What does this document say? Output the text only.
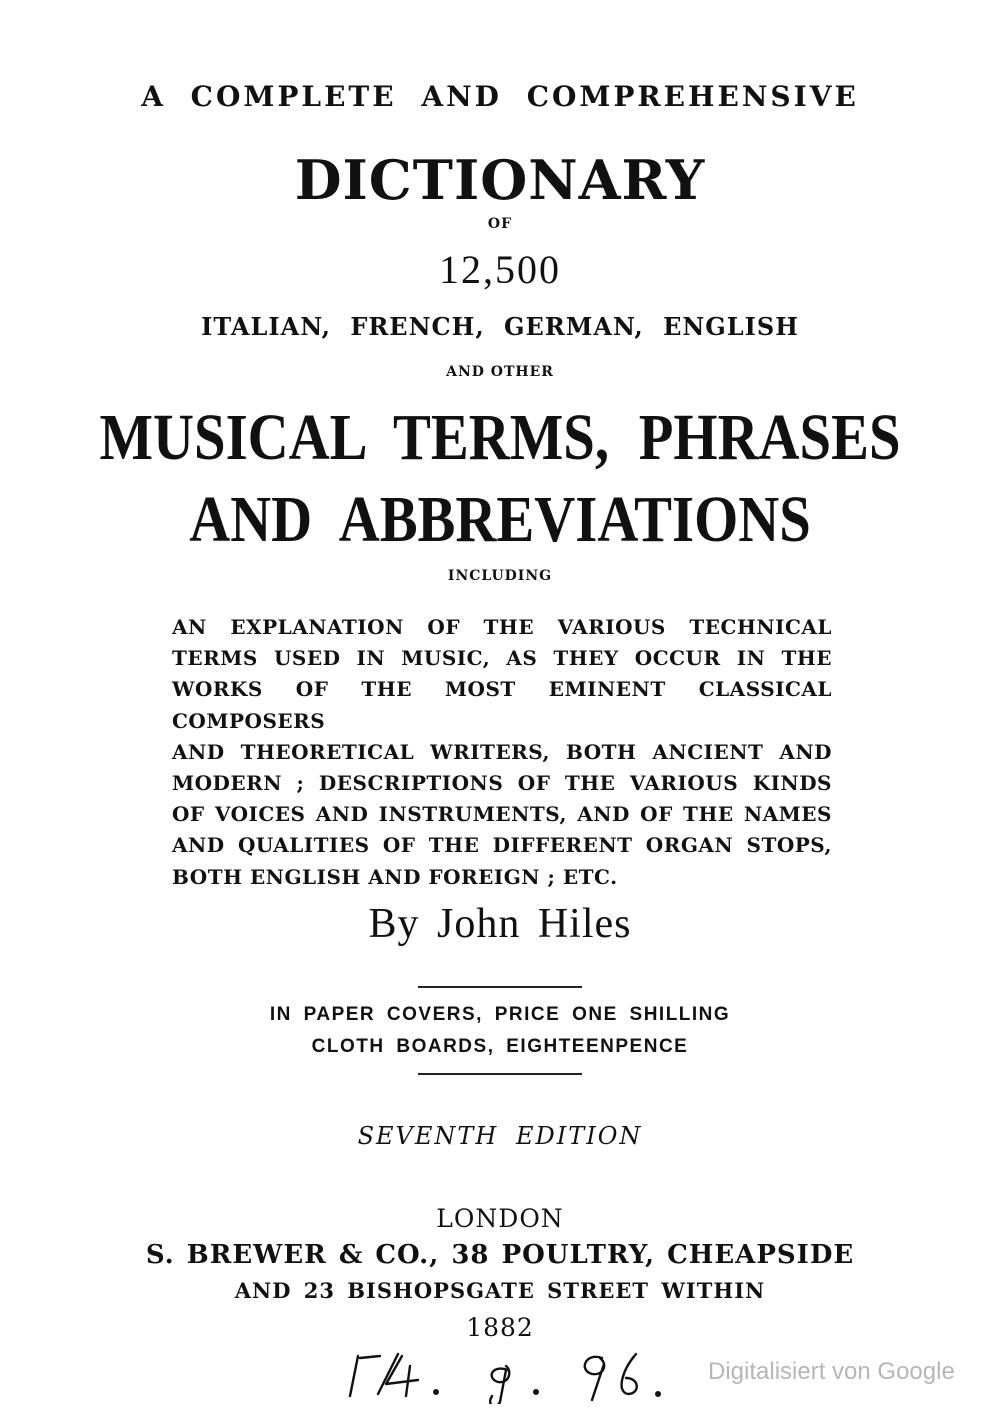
A COMPLETE AND COMPREHENSIVE
DICTIONARY
OF
12,500
ITALIAN, FRENCH, GERMAN, ENGLISH
AND OTHER
MUSICAL TERMS, PHRASES
AND ABBREVIATIONS
INCLUDING
AN EXPLANATION OF THE VARIOUS TECHNICAL
TERMS USED IN MUSIC, AS THEY OCCUR IN THE
WORKS OF THE MOST EMINENT CLASSICAL COMPOSERS
AND THEORETICAL WRITERS, BOTH ANCIENT AND
MODERN ; DESCRIPTIONS OF THE VARIOUS KINDS
OF VOICES AND INSTRUMENTS, AND OF THE NAMES
AND QUALITIES OF THE DIFFERENT ORGAN STOPS,
BOTH ENGLISH AND FOREIGN ; ETC.
By John Hiles
IN PAPER COVERS, PRICE ONE SHILLING
CLOTH BOARDS, EIGHTEENPENCE
SEVENTH EDITION
LONDON
S. BREWER & CO., 38 POULTRY, CHEAPSIDE
AND 23 BISHOPSGATE STREET WITHIN
1882
Digitalisiert von Google
